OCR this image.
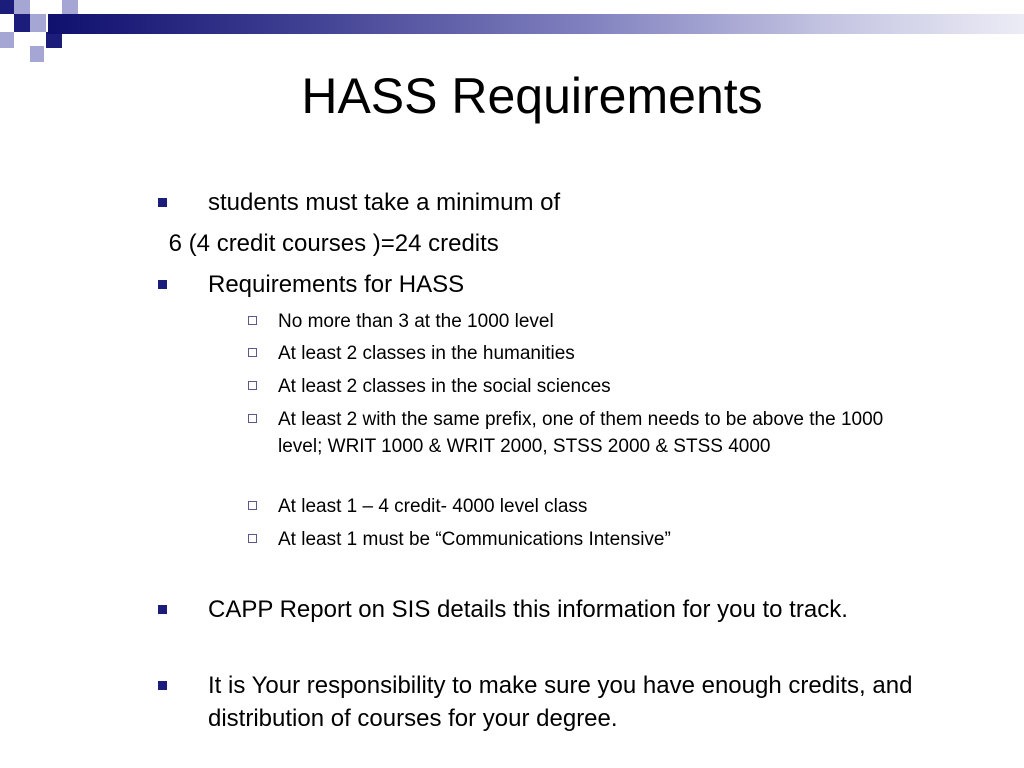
HASS Requirements
students must take a minimum of
6 (4 credit courses )=24 credits
Requirements for HASS
No more than 3 at the 1000 level
At least 2 classes in the humanities
At least 2 classes in the social sciences
At least 2 with the same prefix, one of them needs to be above the 1000 level; WRIT 1000 & WRIT 2000, STSS 2000 & STSS 4000
At least 1 – 4 credit- 4000 level class
At least 1 must be “Communications Intensive”
CAPP Report on SIS details this information for you to track.
It is Your responsibility to make sure you have enough credits, and distribution of courses for your degree.
